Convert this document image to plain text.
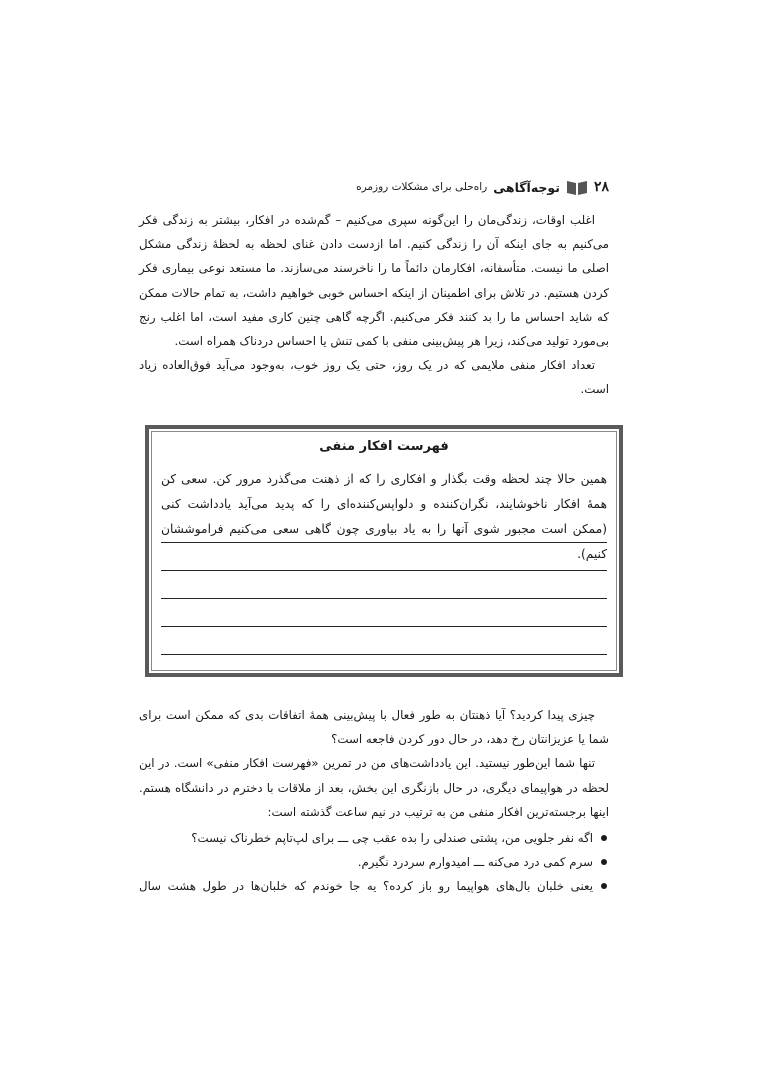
۲۸
توجه‌آگاهی
راه‌حلی برای مشکلات روزمره

اغلب اوقات، زندگی‌مان را این‌گونه سپری می‌کنیم – گم‌شده در افکار، بیشتر به زندگی فکر می‌کنیم به جای اینکه آن را زندگی کنیم. اما ازدست دادن غنای لحظه به لحظهٔ زندگی مشکل اصلی ما نیست. متأسفانه، افکارمان دائماً ما را ناخرسند می‌سازند. ما مستعد نوعی بیماری فکر کردن هستیم. در تلاش برای اطمینان از اینکه احساس خوبی خواهیم داشت، به تمام حالات ممکن که شاید احساس ما را بد کنند فکر می‌کنیم. اگرچه گاهی چنین کاری مفید است، اما اغلب رنج بی‌مورد تولید می‌کند، زیرا هر پیش‌بینی منفی با کمی تنش یا احساس دردناک همراه است.

تعداد افکار منفی ملایمی که در یک روز، حتی یک روز خوب، به‌وجود می‌آید فوق‌العاده زیاد است.

فهرست افکار منفی
همین حالا چند لحظه وقت بگذار و افکاری را که از ذهنت می‌گذرد مرور کن. سعی کن همهٔ افکار ناخوشایند، نگران‌کننده و دلواپس‌کننده‌ای را که پدید می‌آید یادداشت کنی (ممکن است مجبور شوی آنها را به یاد بیاوری چون گاهی سعی می‌کنیم فراموششان کنیم).

چیزی پیدا کردید؟ آیا ذهنتان به طور فعال با پیش‌بینی همهٔ اتفاقات بدی که ممکن است برای شما یا عزیزانتان رخ دهد، در حال دور کردن فاجعه است؟

تنها شما این‌طور نیستید. این یادداشت‌های من در تمرین «فهرست افکار منفی» است. در این لحظه در هواپیمای دیگری، در حال بازنگری این بخش، بعد از ملاقات با دخترم در دانشگاه هستم. اینها برجسته‌ترین افکار منفی من به ترتیب در نیم ساعت گذشته است:

اگه نفر جلویی من، پشتی صندلی را بده عقب چی ـــ برای لپ‌تاپم خطرناک نیست؟
سرم کمی درد می‌کنه ـــ امیدوارم سردرد نگیرم.
یعنی خلبان بال‌های هواپیما رو باز کرده؟ یه جا خوندم که خلبان‌ها در طول هشت سال
